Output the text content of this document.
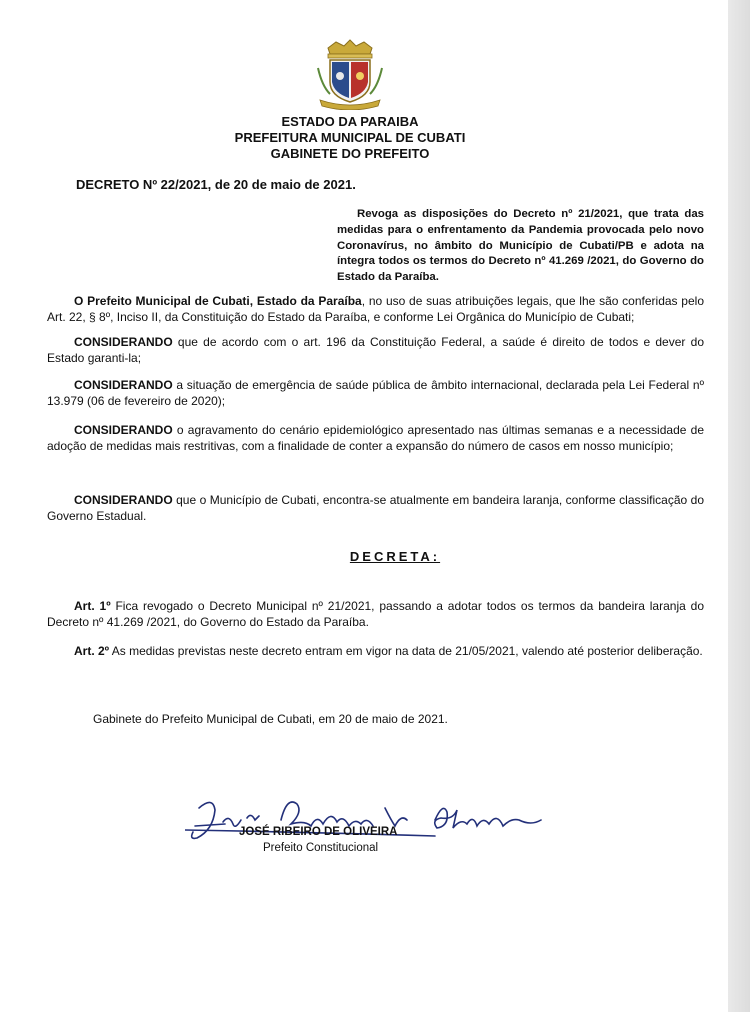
ESTADO DA PARAIBA
PREFEITURA MUNICIPAL DE CUBATI
GABINETE DO PREFEITO
DECRETO Nº 22/2021, de 20 de maio de 2021.
Revoga as disposições do Decreto nº 21/2021, que trata das medidas para o enfrentamento da Pandemia provocada pelo novo Coronavírus, no âmbito do Município de Cubati/PB e adota na íntegra todos os termos do Decreto nº 41.269 /2021, do Governo do Estado da Paraíba.
O Prefeito Municipal de Cubati, Estado da Paraíba, no uso de suas atribuições legais, que lhe são conferidas pelo Art. 22, § 8º, Inciso II, da Constituição do Estado da Paraíba, e conforme Lei Orgânica do Município de Cubati;
CONSIDERANDO que de acordo com o art. 196 da Constituição Federal, a saúde é direito de todos e dever do Estado garanti-la;
CONSIDERANDO a situação de emergência de saúde pública de âmbito internacional, declarada pela Lei Federal nº 13.979 (06 de fevereiro de 2020);
CONSIDERANDO o agravamento do cenário epidemiológico apresentado nas últimas semanas e a necessidade de adoção de medidas mais restritivas, com a finalidade de conter a expansão do número de casos em nosso município;
CONSIDERANDO que o Município de Cubati, encontra-se atualmente em bandeira laranja, conforme classificação do Governo Estadual.
DECRETA:
Art. 1º Fica revogado o Decreto Municipal nº 21/2021, passando a adotar todos os termos da bandeira laranja do Decreto nº 41.269 /2021, do Governo do Estado da Paraíba.
Art. 2º As medidas previstas neste decreto entram em vigor na data de 21/05/2021, valendo até posterior deliberação.
Gabinete do Prefeito Municipal de Cubati, em 20 de maio de 2021.
JOSÉ RIBEIRO DE OLIVEIRA
Prefeito Constitucional
